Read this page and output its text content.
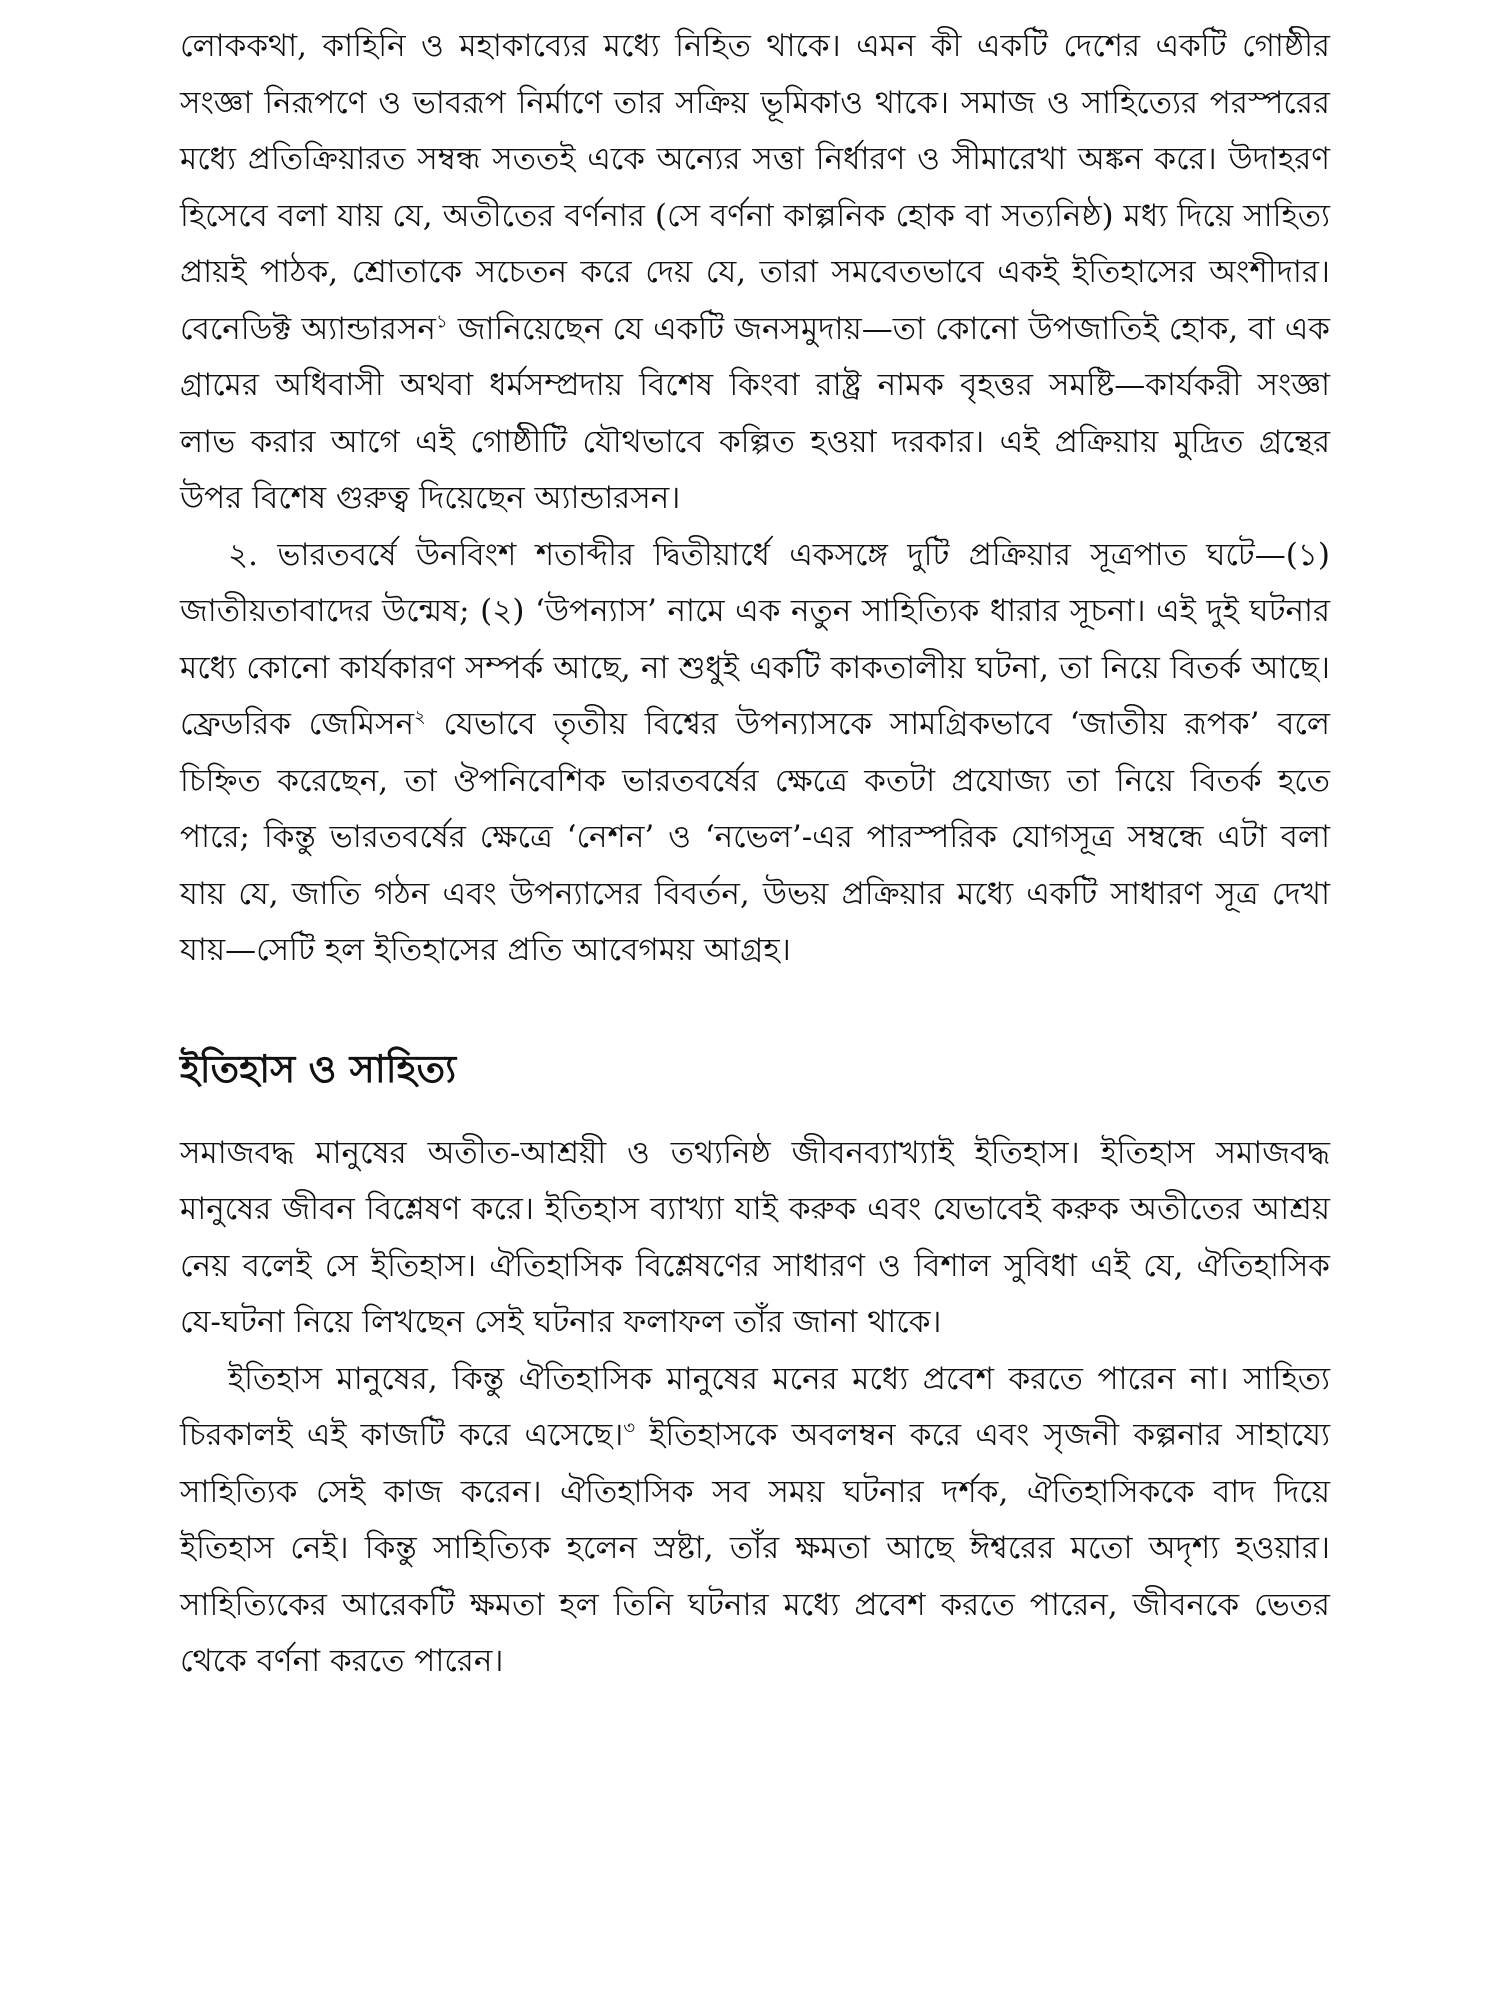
লোককথা, কাহিনি ও মহাকাব্যের মধ্যে নিহিত থাকে। এমন কী একটি দেশের একটি গোষ্ঠীর সংজ্ঞা নিরূপণে ও ভাবরূপ নির্মাণে তার সক্রিয় ভূমিকাও থাকে। সমাজ ও সাহিত্যের পরস্পরের মধ্যে প্রতিক্রিয়ারত সম্বন্ধ সততই একে অন্যের সত্তা নির্ধারণ ও সীমারেখা অঙ্কন করে। উদাহরণ হিসেবে বলা যায় যে, অতীতের বর্ণনার (সে বর্ণনা কাল্পনিক হোক বা সত্যনিষ্ঠ) মধ্য দিয়ে সাহিত্য প্রায়ই পাঠক, শ্রোতাকে সচেতন করে দেয় যে, তারা সমবেতভাবে একই ইতিহাসের অংশীদার। বেনেডিক্ট অ্যান্ডারসন$^১$ জানিয়েছেন যে একটি জনসমুদায়—তা কোনো উপজাতিই হোক, বা এক গ্রামের অধিবাসী অথবা ধর্মসম্প্রদায় বিশেষ কিংবা রাষ্ট্র নামক বৃহত্তর সমষ্টি—কার্যকরী সংজ্ঞা লাভ করার আগে এই গোষ্ঠীটি যৌথভাবে কল্পিত হওয়া দরকার। এই প্রক্রিয়ায় মুদ্রিত গ্রন্থের উপর বিশেষ গুরুত্ব দিয়েছেন অ্যান্ডারসন।

২. ভারতবর্ষে উনবিংশ শতাব্দীর দ্বিতীয়ার্ধে একসঙ্গে দুটি প্রক্রিয়ার সূত্রপাত ঘটে—(১) জাতীয়তাবাদের উন্মেষ; (২) ‘উপন্যাস’ নামে এক নতুন সাহিত্যিক ধারার সূচনা। এই দুই ঘটনার মধ্যে কোনো কার্যকারণ সম্পর্ক আছে, না শুধুই একটি কাকতালীয় ঘটনা, তা নিয়ে বিতর্ক আছে। ফ্রেডরিক জেমিসন$^২$ যেভাবে তৃতীয় বিশ্বের উপন্যাসকে সামগ্রিকভাবে ‘জাতীয় রূপক’ বলে চিহ্নিত করেছেন, তা ঔপনিবেশিক ভারতবর্ষের ক্ষেত্রে কতটা প্রযোজ্য তা নিয়ে বিতর্ক হতে পারে; কিন্তু ভারতবর্ষের ক্ষেত্রে ‘নেশন’ ও ‘নভেল’-এর পারস্পরিক যোগসূত্র সম্বন্ধে এটা বলা যায় যে, জাতি গঠন এবং উপন্যাসের বিবর্তন, উভয় প্রক্রিয়ার মধ্যে একটি সাধারণ সূত্র দেখা যায়—সেটি হল ইতিহাসের প্রতি আবেগময় আগ্রহ।

ইতিহাস ও সাহিত্য

সমাজবদ্ধ মানুষের অতীত-আশ্রয়ী ও তথ্যনিষ্ঠ জীবনব্যাখ্যাই ইতিহাস। ইতিহাস সমাজবদ্ধ মানুষের জীবন বিশ্লেষণ করে। ইতিহাস ব্যাখ্যা যাই করুক এবং যেভাবেই করুক অতীতের আশ্রয় নেয় বলেই সে ইতিহাস। ঐতিহাসিক বিশ্লেষণের সাধারণ ও বিশাল সুবিধা এই যে, ঐতিহাসিক যে-ঘটনা নিয়ে লিখছেন সেই ঘটনার ফলাফল তাঁর জানা থাকে।

ইতিহাস মানুষের, কিন্তু ঐতিহাসিক মানুষের মনের মধ্যে প্রবেশ করতে পারেন না। সাহিত্য চিরকালই এই কাজটি করে এসেছে।$^৩$ ইতিহাসকে অবলম্বন করে এবং সৃজনী কল্পনার সাহায্যে সাহিত্যিক সেই কাজ করেন। ঐতিহাসিক সব সময় ঘটনার দর্শক, ঐতিহাসিককে বাদ দিয়ে ইতিহাস নেই। কিন্তু সাহিত্যিক হলেন স্রষ্টা, তাঁর ক্ষমতা আছে ঈশ্বরের মতো অদৃশ্য হওয়ার। সাহিত্যিকের আরেকটি ক্ষমতা হল তিনি ঘটনার মধ্যে প্রবেশ করতে পারেন, জীবনকে ভেতর থেকে বর্ণনা করতে পারেন।
